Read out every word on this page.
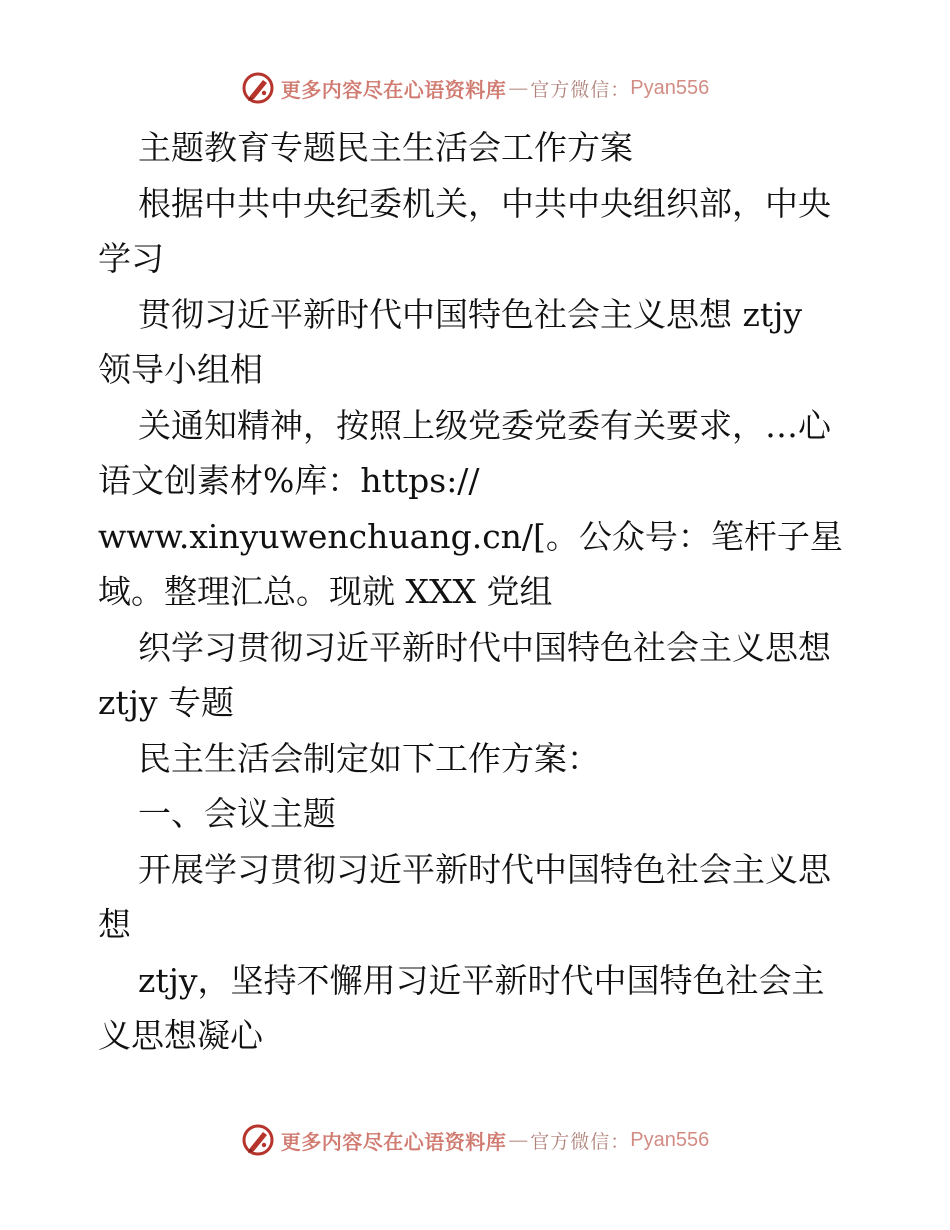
更多内容尽在心语资料库 — 官方微信： Pyan556
主题教育专题民主生活会工作方案
根据中共中央纪委机关，中共中央组织部，中央
学习
贯彻习近平新时代中国特色社会主义思想 ztjy
领导小组相
关通知精神，按照上级党委党委有关要求，…心
语文创素材%库：https://
www.xinyuwenchuang.cn/[。公众号：笔杆子星
域。整理汇总。现就 XXX 党组
织学习贯彻习近平新时代中国特色社会主义思想
ztjy 专题
民主生活会制定如下工作方案：
一、会议主题
开展学习贯彻习近平新时代中国特色社会主义思
想
ztjy，坚持不懈用习近平新时代中国特色社会主
义思想凝心
更多内容尽在心语资料库 — 官方微信： Pyan556
